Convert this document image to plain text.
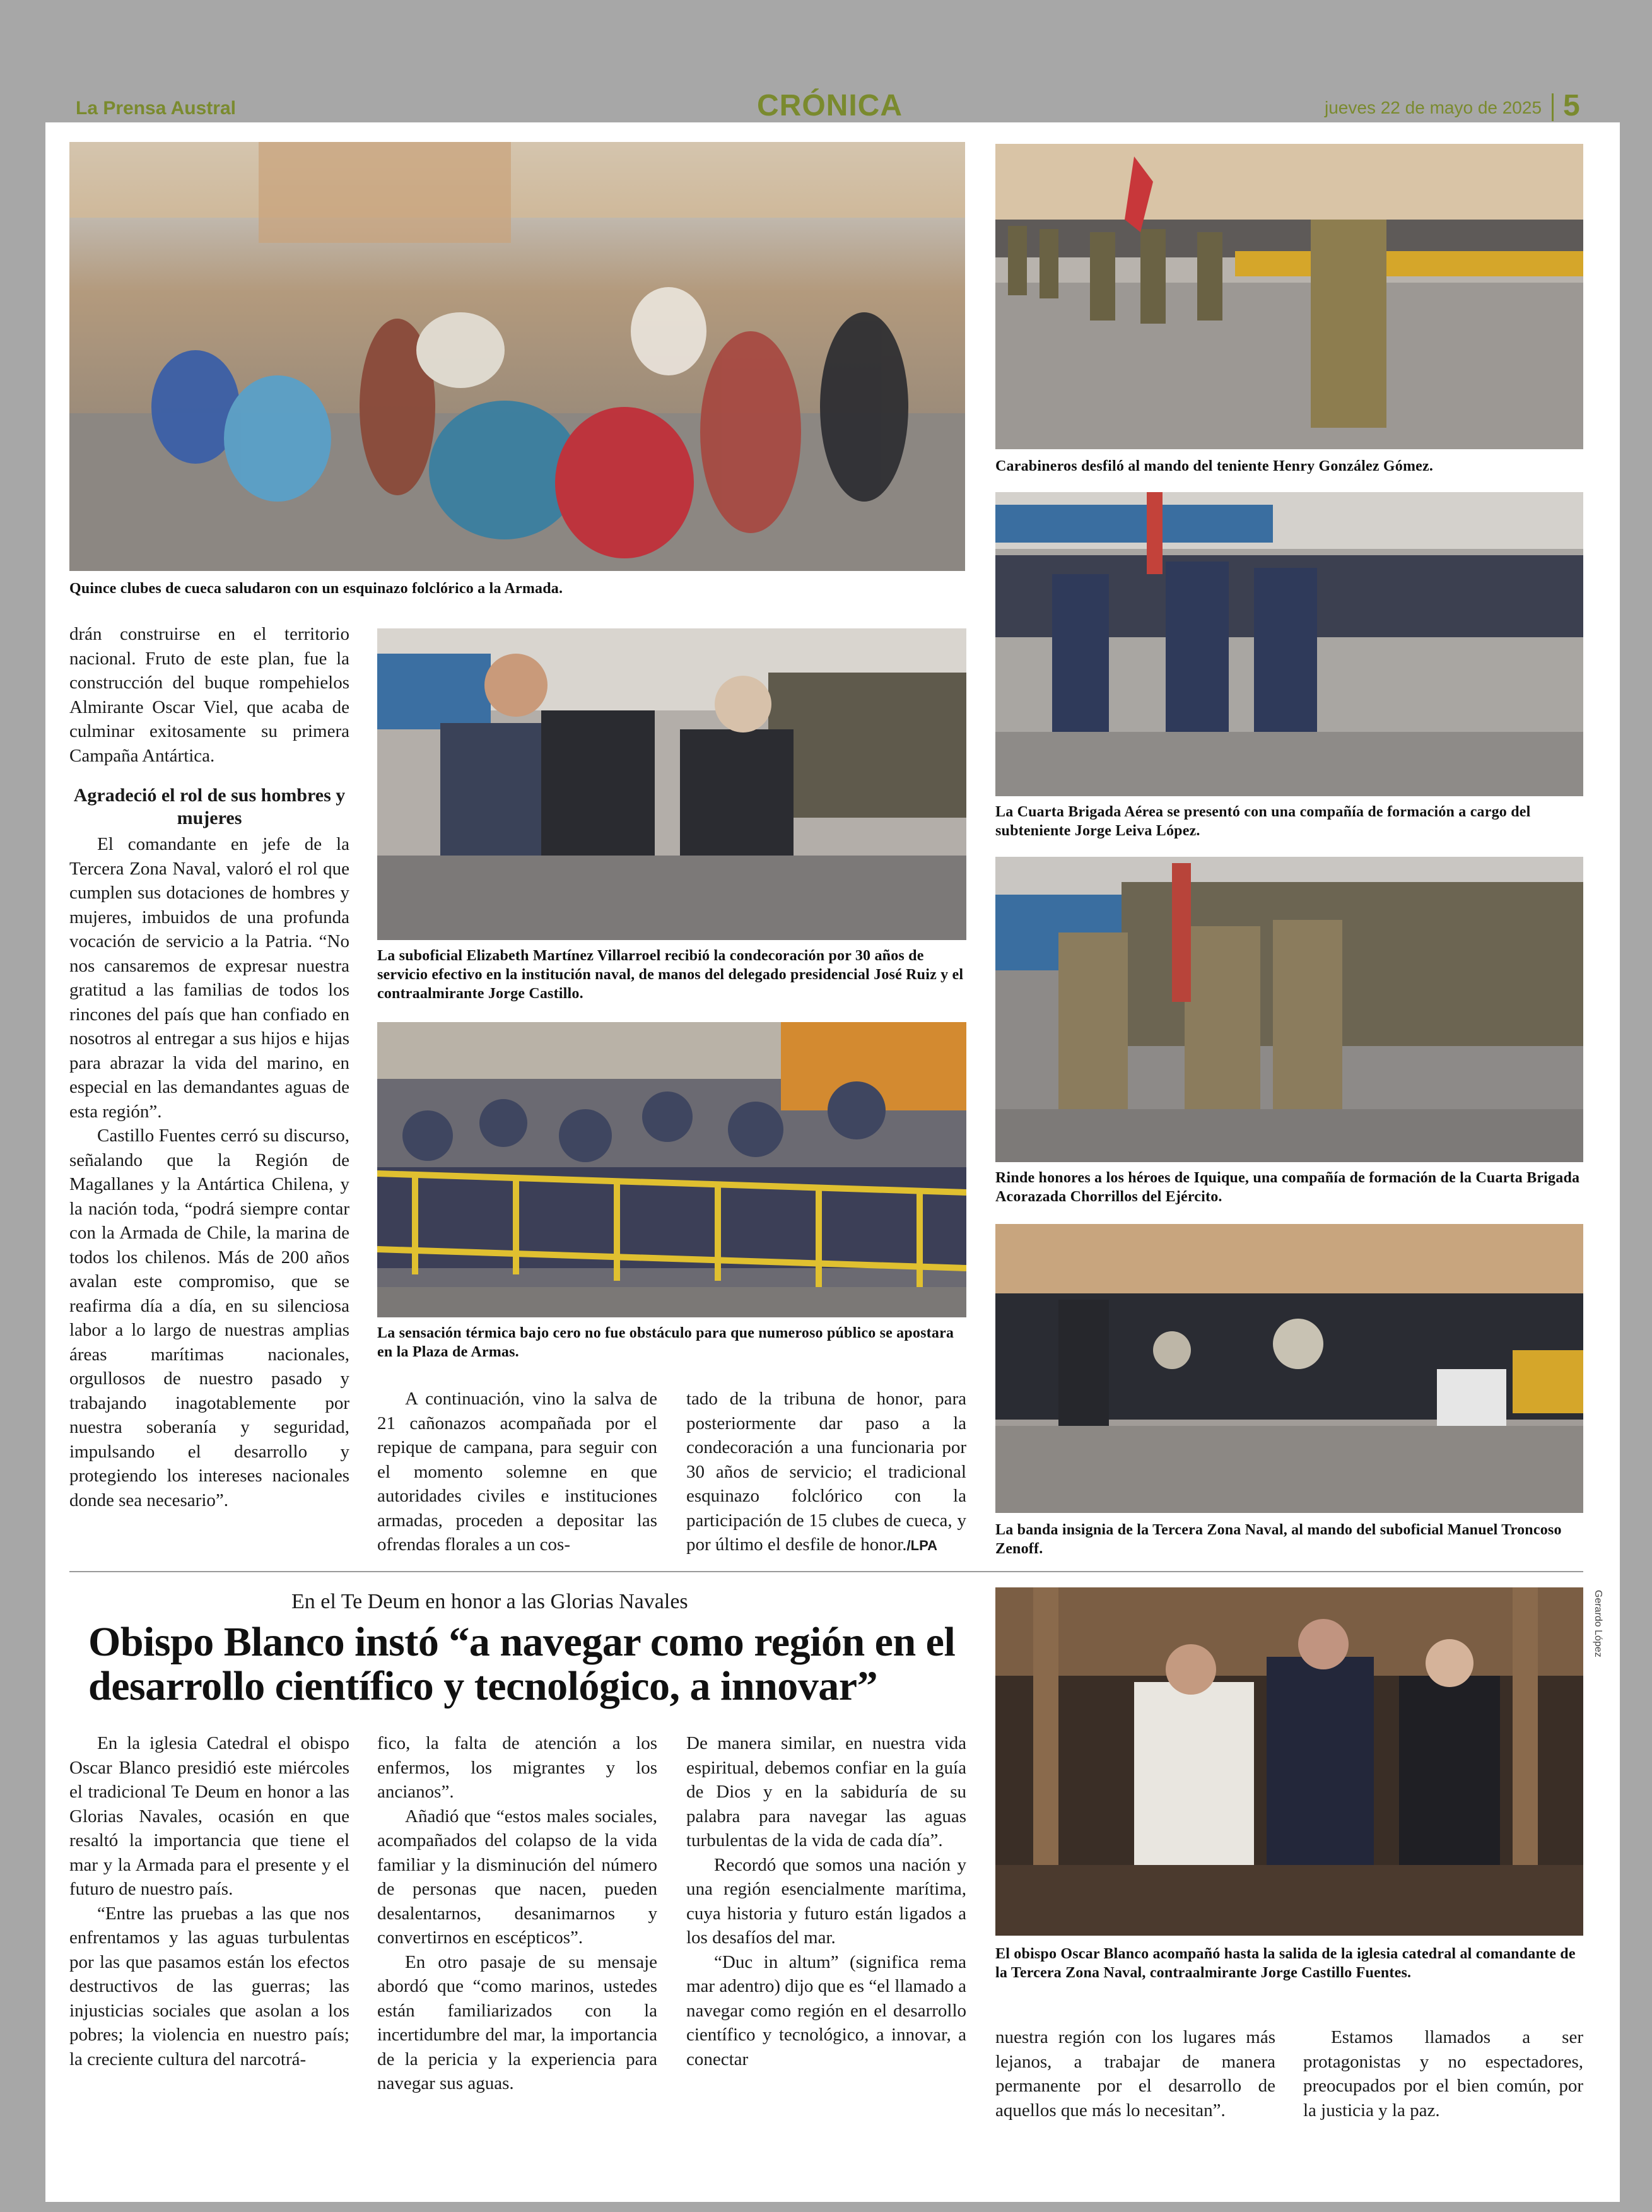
La Prensa Austral	CRÓNICA	jueves 22 de mayo de 2025 5
Quince clubes de cueca saludaron con un esquinazo folclórico a la Armada.
Carabineros desfiló al mando del teniente Henry González Gómez.
La Cuarta Brigada Aérea se presentó con una compañía de formación a cargo del subteniente Jorge Leiva López.
Rinde honores a los héroes de Iquique, una compañía de formación de la Cuarta Brigada Acorazada Chorrillos del Ejército.
La banda insignia de la Tercera Zona Naval, al mando del suboficial Manuel Troncoso Zenoff.
La suboficial Elizabeth Martínez Villarroel recibió la condecoración por 30 años de servicio efectivo en la institución naval, de manos del delegado presidencial José Ruiz y el contraalmirante Jorge Castillo.
La sensación térmica bajo cero no fue obstáculo para que numeroso público se apostara en la Plaza de Armas.

drán construirse en el territorio nacional. Fruto de este plan, fue la construcción del buque rompehielos Almirante Oscar Viel, que acaba de culminar exitosamente su primera Campaña Antártica.

Agradeció el rol de sus hombres y mujeres

El comandante en jefe de la Tercera Zona Naval, valoró el rol que cumplen sus dotaciones de hombres y mujeres, imbuidos de una profunda vocación de servicio a la Patria. “No nos cansaremos de expresar nuestra gratitud a las familias de todos los rincones del país que han confiado en nosotros al entregar a sus hijos e hijas para abrazar la vida del marino, en especial en las demandantes aguas de esta región”.

Castillo Fuentes cerró su discurso, señalando que la Región de Magallanes y la Antártica Chilena, y la nación toda, “podrá siempre contar con la Armada de Chile, la marina de todos los chilenos. Más de 200 años avalan este compromiso, que se reafirma día a día, en su silenciosa labor a lo largo de nuestras amplias áreas marítimas nacionales, orgullosos de nuestro pasado y trabajando inagotablemente por nuestra soberanía y seguridad, impulsando el desarrollo y protegiendo los intereses nacionales donde sea necesario”.

A continuación, vino la salva de 21 cañonazos acompañada por el repique de campana, para seguir con el momento solemne en que autoridades civiles e instituciones armadas, proceden a depositar las ofrendas florales a un cos-

tado de la tribuna de honor, para posteriormente dar paso a la condecoración a una funcionaria por 30 años de servicio; el tradicional esquinazo folclórico con la participación de 15 clubes de cueca, y por último el desfile de honor./LPA

En el Te Deum en honor a las Glorias Navales
Obispo Blanco instó “a navegar como región en el desarrollo científico y tecnológico, a innovar”
Gerardo López
El obispo Oscar Blanco acompañó hasta la salida de la iglesia catedral al comandante de la Tercera Zona Naval, contraalmirante Jorge Castillo Fuentes.

En la iglesia Catedral el obispo Oscar Blanco presidió este miércoles el tradicional Te Deum en honor a las Glorias Navales, ocasión en que resaltó la importancia que tiene el mar y la Armada para el presente y el futuro de nuestro país.

“Entre las pruebas a las que nos enfrentamos y las aguas turbulentas por las que pasamos están los efectos destructivos de las guerras; las injusticias sociales que asolan a los pobres; la violencia en nuestro país; la creciente cultura del narcotrá-

fico, la falta de atención a los enfermos, los migrantes y los ancianos”.

Añadió que “estos males sociales, acompañados del colapso de la vida familiar y la disminución del número de personas que nacen, pueden desalentarnos, desanimarnos y convertirnos en escépticos”.

En otro pasaje de su mensaje abordó que “como marinos, ustedes están familiarizados con la incertidumbre del mar, la importancia de la pericia y la experiencia para navegar sus aguas.

De manera similar, en nuestra vida espiritual, debemos confiar en la guía de Dios y en la sabiduría de su palabra para navegar las aguas turbulentas de la vida de cada día”.

Recordó que somos una nación y una región esencialmente marítima, cuya historia y futuro están ligados a los desafíos del mar.

“Duc in altum” (significa rema mar adentro) dijo que es “el llamado a navegar como región en el desarrollo científico y tecnológico, a innovar, a conectar

nuestra región con los lugares más lejanos, a trabajar de manera permanente por el desarrollo de aquellos que más lo necesitan”.

Estamos llamados a ser protagonistas y no espectadores, preocupados por el bien común, por la justicia y la paz.
